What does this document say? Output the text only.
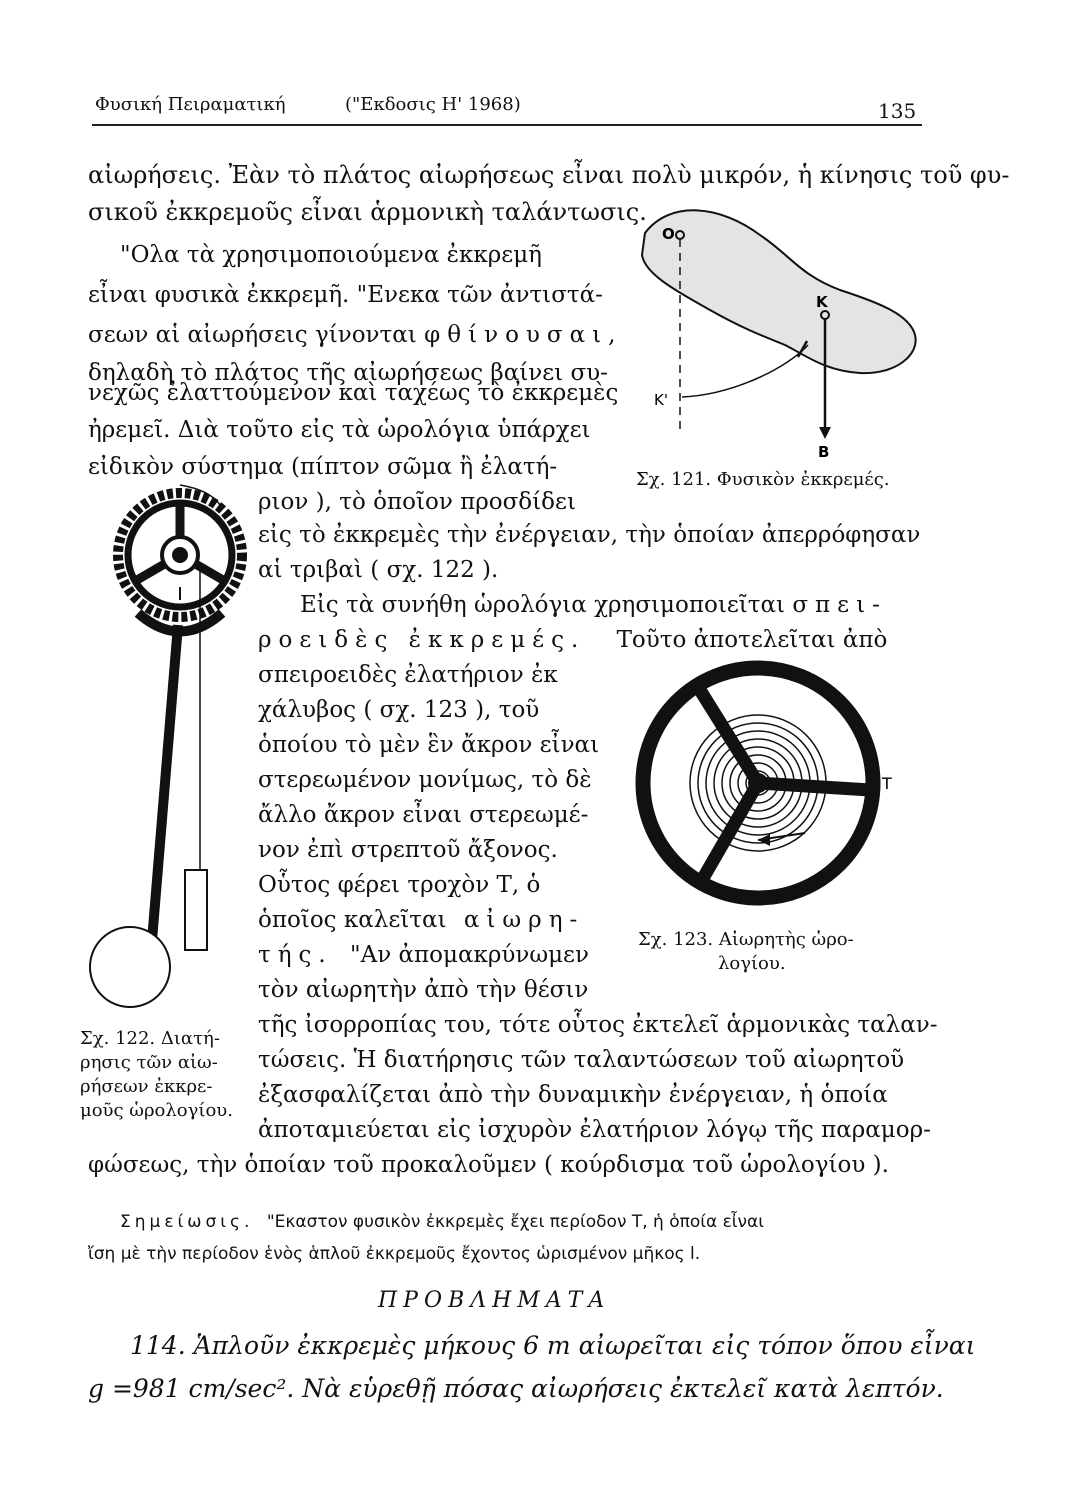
Φυσική Πειραματική	("Εκδοσις Η' 1968)	135
αἰωρήσεις. Ἐὰν τὸ πλάτος αἰωρήσεως εἶναι πολὺ μικρόν, ἡ κίνησις τοῦ φυ-
σικοῦ ἐκκρεμοῦς εἶναι ἁρμονικὴ ταλάντωσις.
"Ολα τὰ χρησιμοποιούμενα ἐκκρεμῆ
εἶναι φυσικὰ ἐκκρεμῆ. "Ενεκα τῶν ἀντιστά-
σεων αἱ αἰωρήσεις γίνονται φθίνουσαι,
δηλαδὴ τὸ πλάτος τῆς αἰωρήσεως βαίνει συ-
νεχῶς ἐλαττούμενον καὶ ταχέως τὸ ἐκκρεμὲς
ἠρεμεῖ. Διὰ τοῦτο εἰς τὰ ὡρολόγια ὑπάρχει
εἰδικὸν σύστημα (πίπτον σῶμα ἢ ἐλατή-
ριον ), τὸ ὁποῖον προσδίδει
O
K
K'
B
Σχ. 121. Φυσικὸν ἐκκρεμές.
εἰς τὸ ἐκκρεμὲς τὴν ἐνέργειαν, τὴν ὁποίαν ἀπερρόφησαν
αἱ τριβαὶ ( σχ. 122 ).
Εἰς τὰ συνήθη ὡρολόγια χρησιμοποιεῖται σπει-
ροειδὲς ἐκκρεμές. Τοῦτο ἀποτελεῖται ἀπὸ
σπειροειδὲς ἐλατήριον ἐκ
χάλυβος ( σχ. 123 ), τοῦ
ὁποίου τὸ μὲν ἓν ἄκρον εἶναι
στερεωμένον μονίμως, τὸ δὲ
ἄλλο ἄκρον εἶναι στερεωμέ-
νον ἐπὶ στρεπτοῦ ἄξονος.
Οὗτος φέρει τροχὸν Τ, ὁ
ὁποῖος καλεῖται αἰωρη-
τής. "Αν ἀπομακρύνωμεν
τὸν αἰωρητὴν ἀπὸ τὴν θέσιν
Σχ. 122. Διατή-
ρησις τῶν αἰω-
ρήσεων ἐκκρε-
μοῦς ὡρολογίου.
T
Σχ. 123. Αἰωρητὴς ὡρο-
λογίου.
τῆς ἰσορροπίας του, τότε οὗτος ἐκτελεῖ ἁρμονικὰς ταλαν-
τώσεις. Ἡ διατήρησις τῶν ταλαντώσεων τοῦ αἰωρητοῦ
ἐξασφαλίζεται ἀπὸ τὴν δυναμικὴν ἐνέργειαν, ἡ ὁποία
ἀποταμιεύεται εἰς ἰσχυρὸν ἐλατήριον λόγῳ τῆς παραμορ-
φώσεως, τὴν ὁποίαν τοῦ προκαλοῦμεν ( κούρδισμα τοῦ ὡρολογίου ).
Σημείωσις. "Εκαστον φυσικὸν ἐκκρεμὲς ἔχει περίοδον Τ, ἡ ὁποία εἶναι
ἴση μὲ τὴν περίοδον ἑνὸς ἁπλοῦ ἐκκρεμοῦς ἔχοντος ὡρισμένον μῆκος l.
ΠΡΟΒΛΗΜΑΤΑ
114. Ἁπλοῦν ἐκκρεμὲς μήκους 6 m αἰωρεῖται εἰς τόπον ὅπου εἶναι
g =981 cm/sec². Νὰ εὑρεθῇ πόσας αἰωρήσεις ἐκτελεῖ κατὰ λεπτόν.
